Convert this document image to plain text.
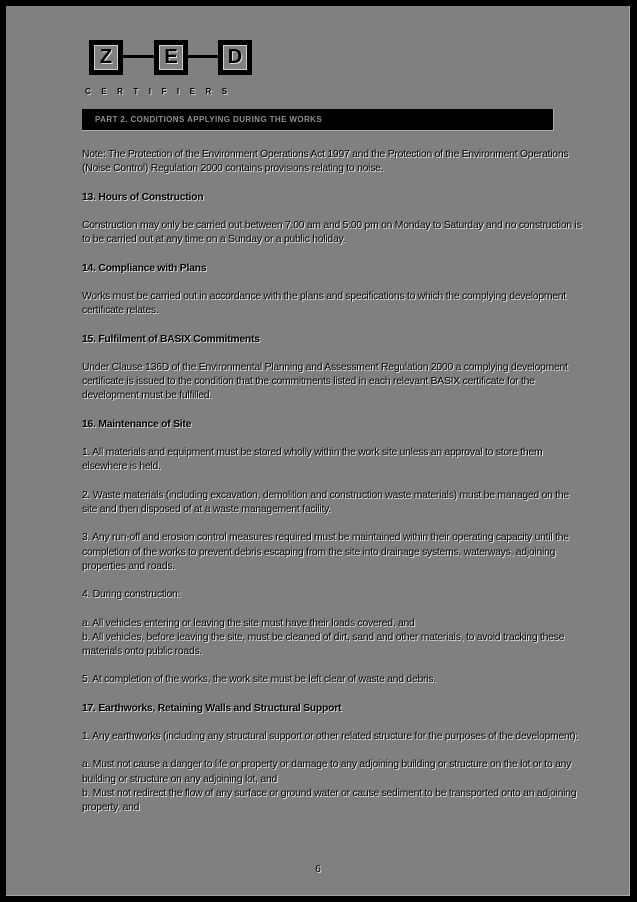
Z	E	D
CERTIFIERS
PART 2. CONDITIONS APPLYING DURING THE WORKS

Note: The Protection of the Environment Operations Act 1997 and the Protection of the Environment Operations (Noise Control) Regulation 2000 contains provisions relating to noise.

13. Hours of Construction

Construction may only be carried out between 7:00 am and 5:00 pm on Monday to Saturday and no construction is to be carried out at any time on a Sunday or a public holiday.

14. Compliance with Plans

Works must be carried out in accordance with the plans and specifications to which the complying development certificate relates.

15. Fulfilment of BASIX Commitments

Under Clause 136D of the Environmental Planning and Assessment Regulation 2000 a complying development certificate is issued to the condition that the commitments listed in each relevant BASIX certificate for the development must be fulfilled.

16. Maintenance of Site

1. All materials and equipment must be stored wholly within the work site unless an approval to store them elsewhere is held.

2. Waste materials (including excavation, demolition and construction waste materials) must be managed on the site and then disposed of at a waste management facility.

3. Any run-off and erosion control measures required must be maintained within their operating capacity until the completion of the works to prevent debris escaping from the site into drainage systems, waterways, adjoining properties and roads.

4. During construction:

a. All vehicles entering or leaving the site must have their loads covered, and

b. All vehicles, before leaving the site, must be cleaned of dirt, sand and other materials, to avoid tracking these materials onto public roads.

5. At completion of the works, the work site must be left clear of waste and debris.

17. Earthworks, Retaining Walls and Structural Support

1. Any earthworks (including any structural support or other related structure for the purposes of the development):

a. Must not cause a danger to life or property or damage to any adjoining building or structure on the lot or to any building or structure on any adjoining lot, and

b. Must not redirect the flow of any surface or ground water or cause sediment to be transported onto an adjoining property, and

6
